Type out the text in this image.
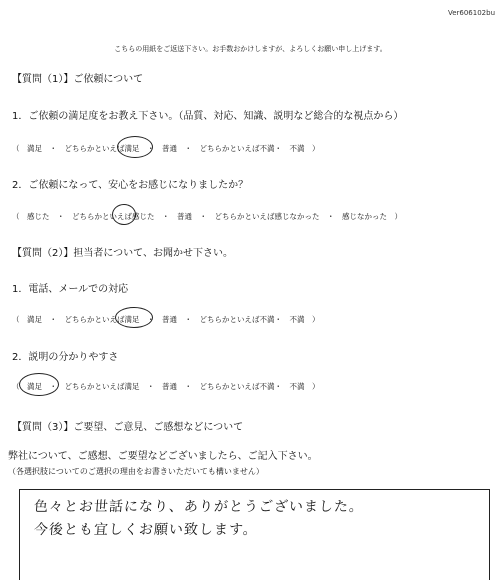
Ver606102bu
こちらの用紙をご返送下さい。お手数おかけしますが、よろしくお願い申し上げます。
【質問（1）】ご依頼について
1．ご依頼の満足度をお教え下さい。（品質、対応、知識、説明など総合的な視点から）
（　満足　・　どちらかといえば満足　・　普通　・　どちらかといえば不満・　不満　）
2．ご依頼になって、安心をお感じになりましたか？
（　感じた　・　どちらかといえば感じた　・　普通　・　どちらかといえば感じなかった　・　感じなかった　）
【質問（2）】担当者について、お聞かせ下さい。
1．電話、メールでの対応
（　満足　・　どちらかといえば満足　・　普通　・　どちらかといえば不満・　不満　）
2．説明の分かりやすさ
（　満足　・　どちらかといえば満足　・　普通　・　どちらかといえば不満・　不満　）
【質問（3）】ご要望、ご意見、ご感想などについて
弊社について、ご感想、ご要望などございましたら、ご記入下さい。
（各選択肢についてのご選択の理由をお書きいただいても構いません）
色々とお世話になり、ありがとうございました。
今後とも宜しくお願い致します。
